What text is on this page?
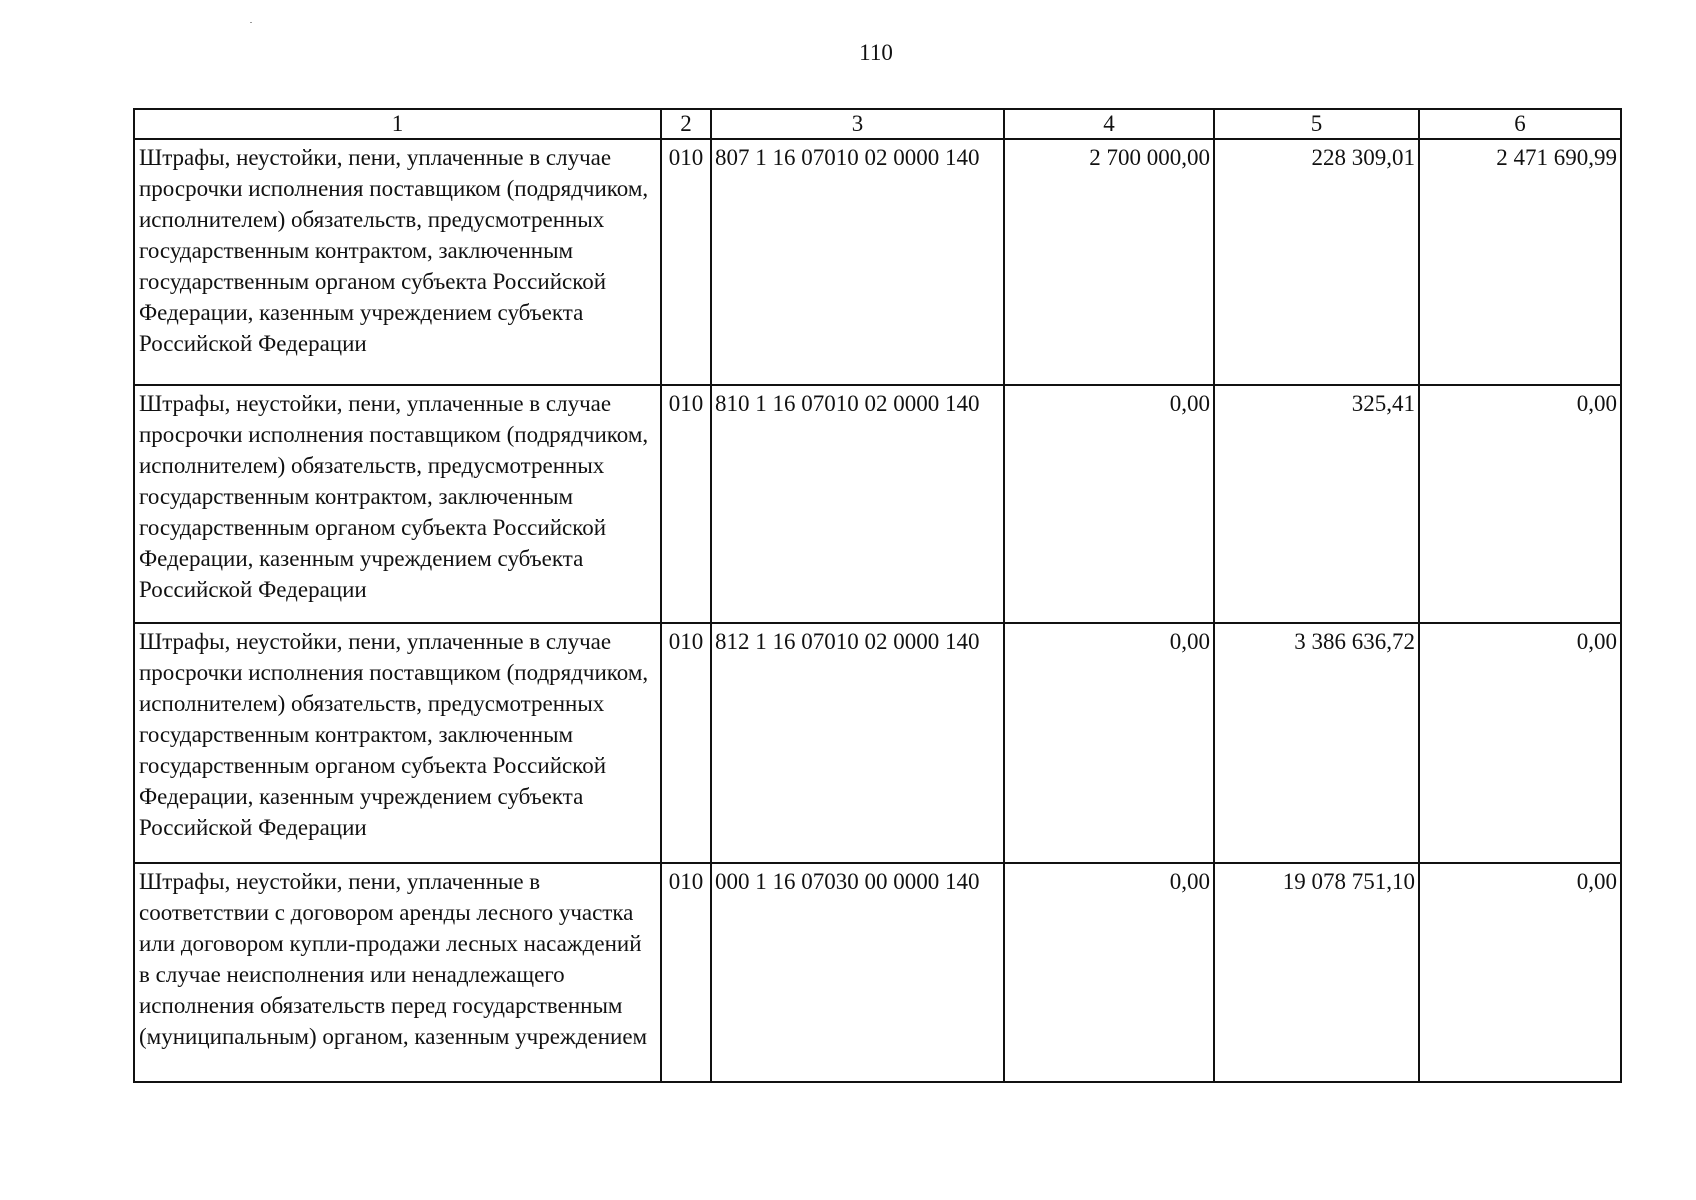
110
1	2	3	4	5	6
Штрафы, неустойки, пени, уплаченные в случае просрочки исполнения поставщиком (подрядчиком, исполнителем) обязательств, предусмотренных государственным контрактом, заключенным государственным органом субъекта Российской Федерации, казенным учреждением субъекта Российской Федерации	010	807 1 16 07010 02 0000 140	2 700 000,00	228 309,01	2 471 690,99
Штрафы, неустойки, пени, уплаченные в случае просрочки исполнения поставщиком (подрядчиком, исполнителем) обязательств, предусмотренных государственным контрактом, заключенным государственным органом субъекта Российской Федерации, казенным учреждением субъекта Российской Федерации	010	810 1 16 07010 02 0000 140	0,00	325,41	0,00
Штрафы, неустойки, пени, уплаченные в случае просрочки исполнения поставщиком (подрядчиком, исполнителем) обязательств, предусмотренных государственным контрактом, заключенным государственным органом субъекта Российской Федерации, казенным учреждением субъекта Российской Федерации	010	812 1 16 07010 02 0000 140	0,00	3 386 636,72	0,00
Штрафы, неустойки, пени, уплаченные в соответствии с договором аренды лесного участка или договором купли-продажи лесных насаждений в случае неисполнения или ненадлежащего исполнения обязательств перед государственным (муниципальным) органом, казенным учреждением	010	000 1 16 07030 00 0000 140	0,00	19 078 751,10	0,00
